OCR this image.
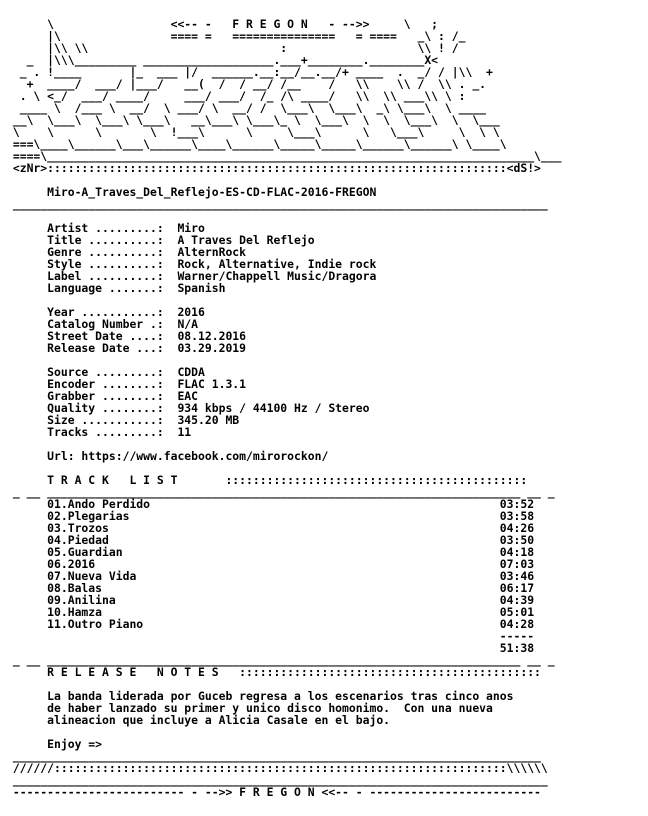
\                 <<-- -   F R E G O N   - -->>     \   ;
|\                ==== =   ===============   = ====   _\ : /_
|\\ \\                            :                   \\ ! /
_  |\\\_________ ___________________.___+________.________X<
_ . !____       |_  ___ |/  ______.__:__/__.__/+ ____  .  _/ / |\\  +
+  ____/  ___/ |___/   __(  /  / __/ /__    /   \\    \\ /  \\ . _.
. \ <_/  ___/ ____/     ___/ ___/  /_ /\ ____/   \\  \\ ___\\ \ :
____ \  /___ \  __/  \ ___/ \  __/ /  \___\  \___\  _\ \___\  \ ____
__\  \___\  \___\ \___\   __\___\ \___\_ \  \___\  \  \  \___\  \  \___
\    \      \       \  !___\      \     \___\      \   \___\     \  \ \
===\____\______\___\______\____\______\_____\_____\______\______\ \____\
====\_______________________________________________________________________\___
<zNr>:::::::::::::::::::::::::::::::::::::::::::::::::::::::::::::::::::<dS!>
Miro-A_Traves_Del_Reflejo-ES-CD-FLAC-2016-FREGON
______________________________________________________________________________
Artist .........:  Miro
Title ..........:  A Traves Del Reflejo
Genre ..........:  AlternRock
Style ..........:  Rock, Alternative, Indie rock
Label ..........:  Warner/Chappell Music/Dragora
Language .......:  Spanish
Year ...........:  2016
Catalog Number .:  N/A
Street Date ....:  08.12.2016
Release Date ...:  03.29.2019
Source .........:  CDDA
Encoder ........:  FLAC 1.3.1
Grabber ........:  EAC
Quality ........:  934 kbps / 44100 Hz / Stereo
Size ...........:  345.20 MB
Tracks .........:  11
Url: https://www.facebook.com/mirorockon/
T R A C K   L I S T       ::::::::::::::::::::::::::::::::::::::::::::
_ __ _____________________________________________________________________ __ _
01.Ando Perdido                                                   03:52
02.Plegarias                                                      03:58
03.Trozos                                                         04:26
04.Piedad                                                         03:50
05.Guardian                                                       04:18
06.2016                                                           07:03
07.Nueva Vida                                                     03:46
08.Balas                                                          06:17
09.Anilina                                                        04:39
10.Hamza                                                          05:01
11.Outro Piano                                                    04:28
-----
51:38
_ __ _____________________________________________________________________ __ _
R E L E A S E   N O T E S   ::::::::::::::::::::::::::::::::::::::::::::
La banda liderada por Guceb regresa a los escenarios tras cinco anos
de haber lanzado su primer y unico disco homonimo.  Con una nueva
alineacion que incluye a Alicia Casale en el bajo.
Enjoy =>
_____________________________________________________________________________
//////::::::::::::::::::::::::::::::::::::::::::::::::::::::::::::::::::\\\\\\
______________________________________________________________________________
------------------------- - -->> F R E G O N <<-- - -------------------------
